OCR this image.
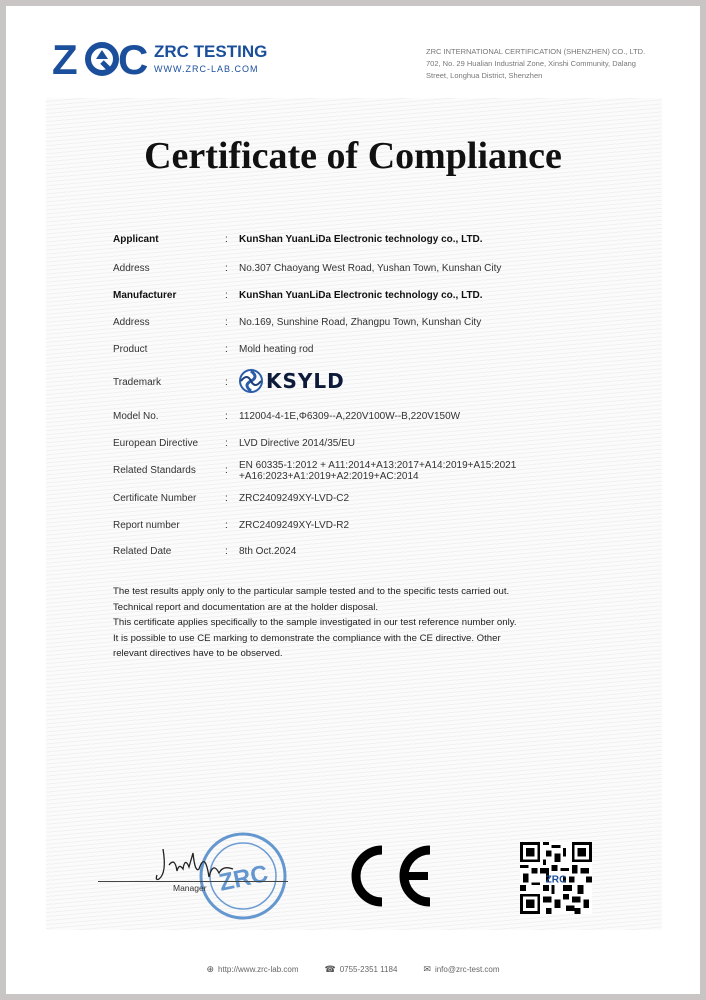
Z C ZRC TESTING
WWW.ZRC-LAB.COM
ZRC INTERNATIONAL CERTIFICATION (SHENZHEN) CO., LTD.
702, No. 29 Hualian Industrial Zone, Xinshi Community, Dalang
Street, Longhua District, Shenzhen
Certificate of Compliance
Applicant	: KunShan YuanLiDa Electronic technology co., LTD.
Address	: No.307 Chaoyang West Road, Yushan Town, Kunshan City
Manufacturer	: KunShan YuanLiDa Electronic technology co., LTD.
Address	: No.169, Sunshine Road, Zhangpu Town, Kunshan City
Product	: Mold heating rod
Trademark	: KSYLD
Model No.	: 112004-4-1E,Φ6309--A,220V100W--B,220V150W
European Directive	: LVD Directive 2014/35/EU
Related Standards	: EN 60335-1:2012 + A11:2014+A13:2017+A14:2019+A15:2021
+A16:2023+A1:2019+A2:2019+AC:2014
Certificate Number	: ZRC2409249XY-LVD-C2
Report number	: ZRC2409249XY-LVD-R2
Related Date	: 8th Oct.2024
The test results apply only to the particular sample tested and to the specific tests carried out.
Technical report and documentation are at the holder disposal.
This certificate applies specifically to the sample investigated in our test reference number only.
It is possible to use CE marking to demonstrate the compliance with the CE directive. Other
relevant directives have to be observed.
ZRC
Manager
ZRC
⊕ http://www.zrc-lab.com	☎ 0755-2351 1184	✉ info@zrc-test.com
